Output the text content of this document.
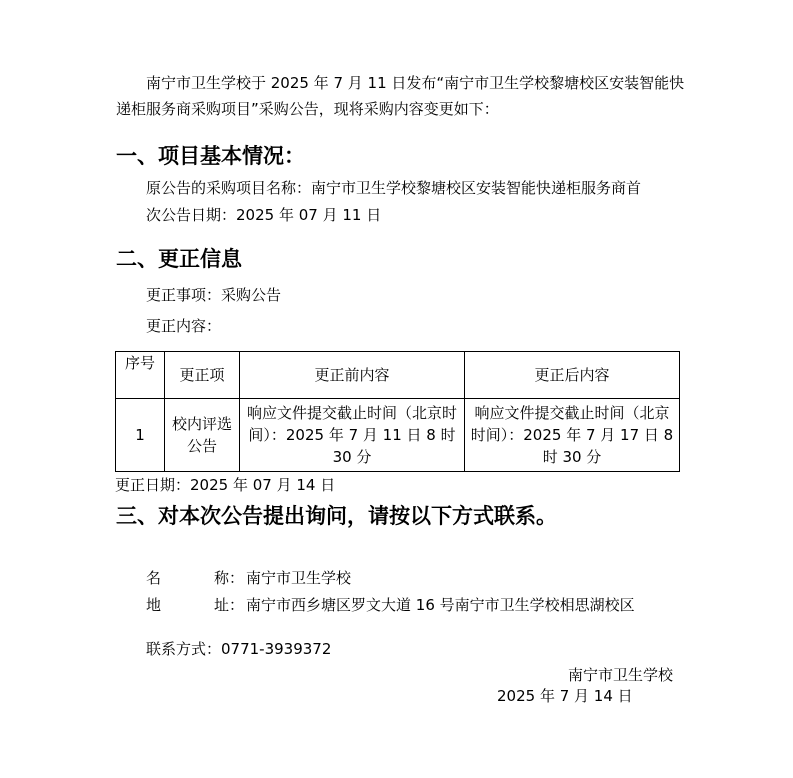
南宁市卫生学校于 2025 年 7 月 11 日发布“南宁市卫生学校黎塘校区安装智能快递柜服务商采购项目”采购公告，现将采购内容变更如下：

一、项目基本情况：
原公告的采购项目名称：南宁市卫生学校黎塘校区安装智能快递柜服务商首
次公告日期：2025 年 07 月 11 日
二、更正信息
更正事项：采购公告
更正内容：
序号	更正项	更正前内容	更正后内容
1	校内评选公告	响应文件提交截止时间（北京时间）：2025 年 7 月 11 日 8 时 30 分	响应文件提交截止时间（北京时间）：2025 年 7 月 17 日 8 时 30 分
更正日期：2025 年 07 月 14 日
三、对本次公告提出询问，请按以下方式联系。
名	称： 南宁市卫生学校
地	址： 南宁市西乡塘区罗文大道 16 号南宁市卫生学校相思湖校区
联系方式：0771-3939372
南宁市卫生学校
2025 年 7 月 14 日
